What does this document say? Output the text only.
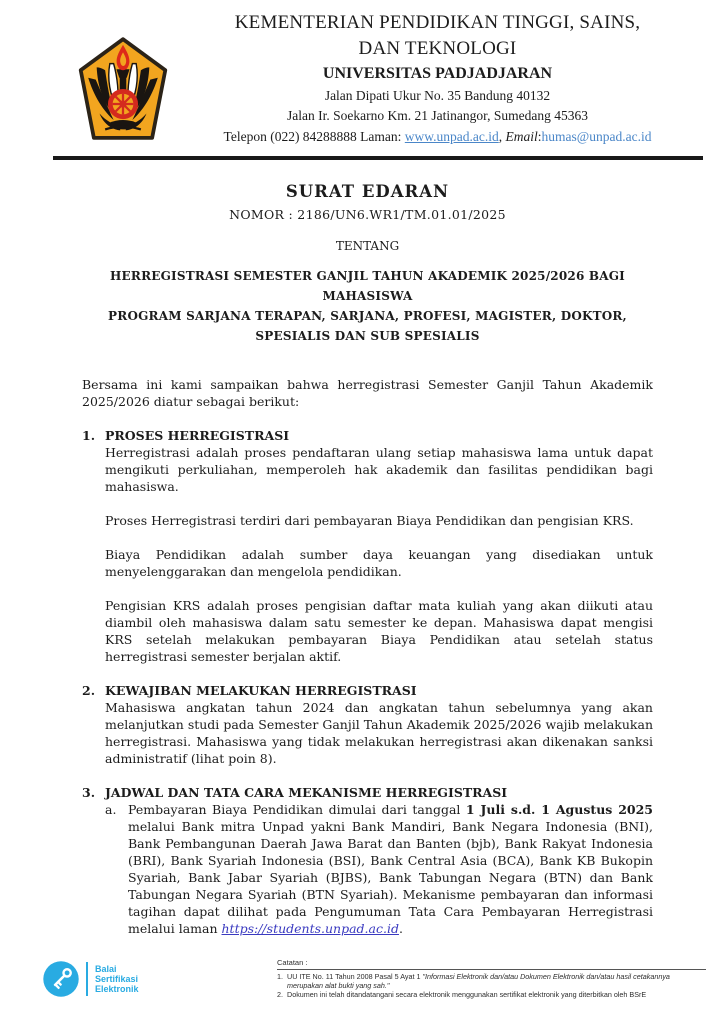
KEMENTERIAN PENDIDIKAN TINGGI, SAINS,
DAN TEKNOLOGI
UNIVERSITAS PADJADJARAN
Jalan Dipati Ukur No. 35 Bandung 40132
Jalan Ir. Soekarno Km. 21 Jatinangor, Sumedang 45363
Telepon (022) 84288888 Laman: www.unpad.ac.id, Email:humas@unpad.ac.id
SURAT EDARAN
NOMOR : 2186/UN6.WR1/TM.01.01/2025
TENTANG
HERREGISTRASI SEMESTER GANJIL TAHUN AKADEMIK 2025/2026 BAGI MAHASISWA
PROGRAM SARJANA TERAPAN, SARJANA, PROFESI, MAGISTER, DOKTOR,
SPESIALIS DAN SUB SPESIALIS

Bersama ini kami sampaikan bahwa herregistrasi Semester Ganjil Tahun Akademik 2025/2026 diatur sebagai berikut:

1. PROSES HERREGISTRASI

Herregistrasi adalah proses pendaftaran ulang setiap mahasiswa lama untuk dapat mengikuti perkuliahan, memperoleh hak akademik dan fasilitas pendidikan bagi mahasiswa.

Proses Herregistrasi terdiri dari pembayaran Biaya Pendidikan dan pengisian KRS.

Biaya Pendidikan adalah sumber daya keuangan yang disediakan untuk menyelenggarakan dan mengelola pendidikan.

Pengisian KRS adalah proses pengisian daftar mata kuliah yang akan diikuti atau diambil oleh mahasiswa dalam satu semester ke depan. Mahasiswa dapat mengisi KRS setelah melakukan pembayaran Biaya Pendidikan atau setelah status herregistrasi semester berjalan aktif.

2. KEWAJIBAN MELAKUKAN HERREGISTRASI

Mahasiswa angkatan tahun 2024 dan angkatan tahun sebelumnya yang akan melanjutkan studi pada Semester Ganjil Tahun Akademik 2025/2026 wajib melakukan herregistrasi. Mahasiswa yang tidak melakukan herregistrasi akan dikenakan sanksi administratif (lihat poin 8).

3. JADWAL DAN TATA CARA MEKANISME HERREGISTRASI
a. Pembayaran Biaya Pendidikan dimulai dari tanggal 1 Juli s.d. 1 Agustus 2025 melalui Bank mitra Unpad yakni Bank Mandiri, Bank Negara Indonesia (BNI), Bank Pembangunan Daerah Jawa Barat dan Banten (bjb), Bank Rakyat Indonesia (BRI), Bank Syariah Indonesia (BSI), Bank Central Asia (BCA), Bank KB Bukopin Syariah, Bank Jabar Syariah (BJBS), Bank Tabungan Negara (BTN) dan Bank Tabungan Negara Syariah (BTN Syariah). Mekanisme pembayaran dan informasi tagihan dapat dilihat pada Pengumuman Tata Cara Pembayaran Herregistrasi melalui laman https://students.unpad.ac.id.

Balai
Sertifikasi
Elektronik
Catatan :
1. UU ITE No. 11 Tahun 2008 Pasal 5 Ayat 1 "Informasi Elektronik dan/atau Dokumen Elektronik dan/atau hasil cetakannya merupakan alat bukti yang sah."
2. Dokumen ini telah ditandatangani secara elektronik menggunakan sertifikat elektronik yang diterbitkan oleh BSrE
